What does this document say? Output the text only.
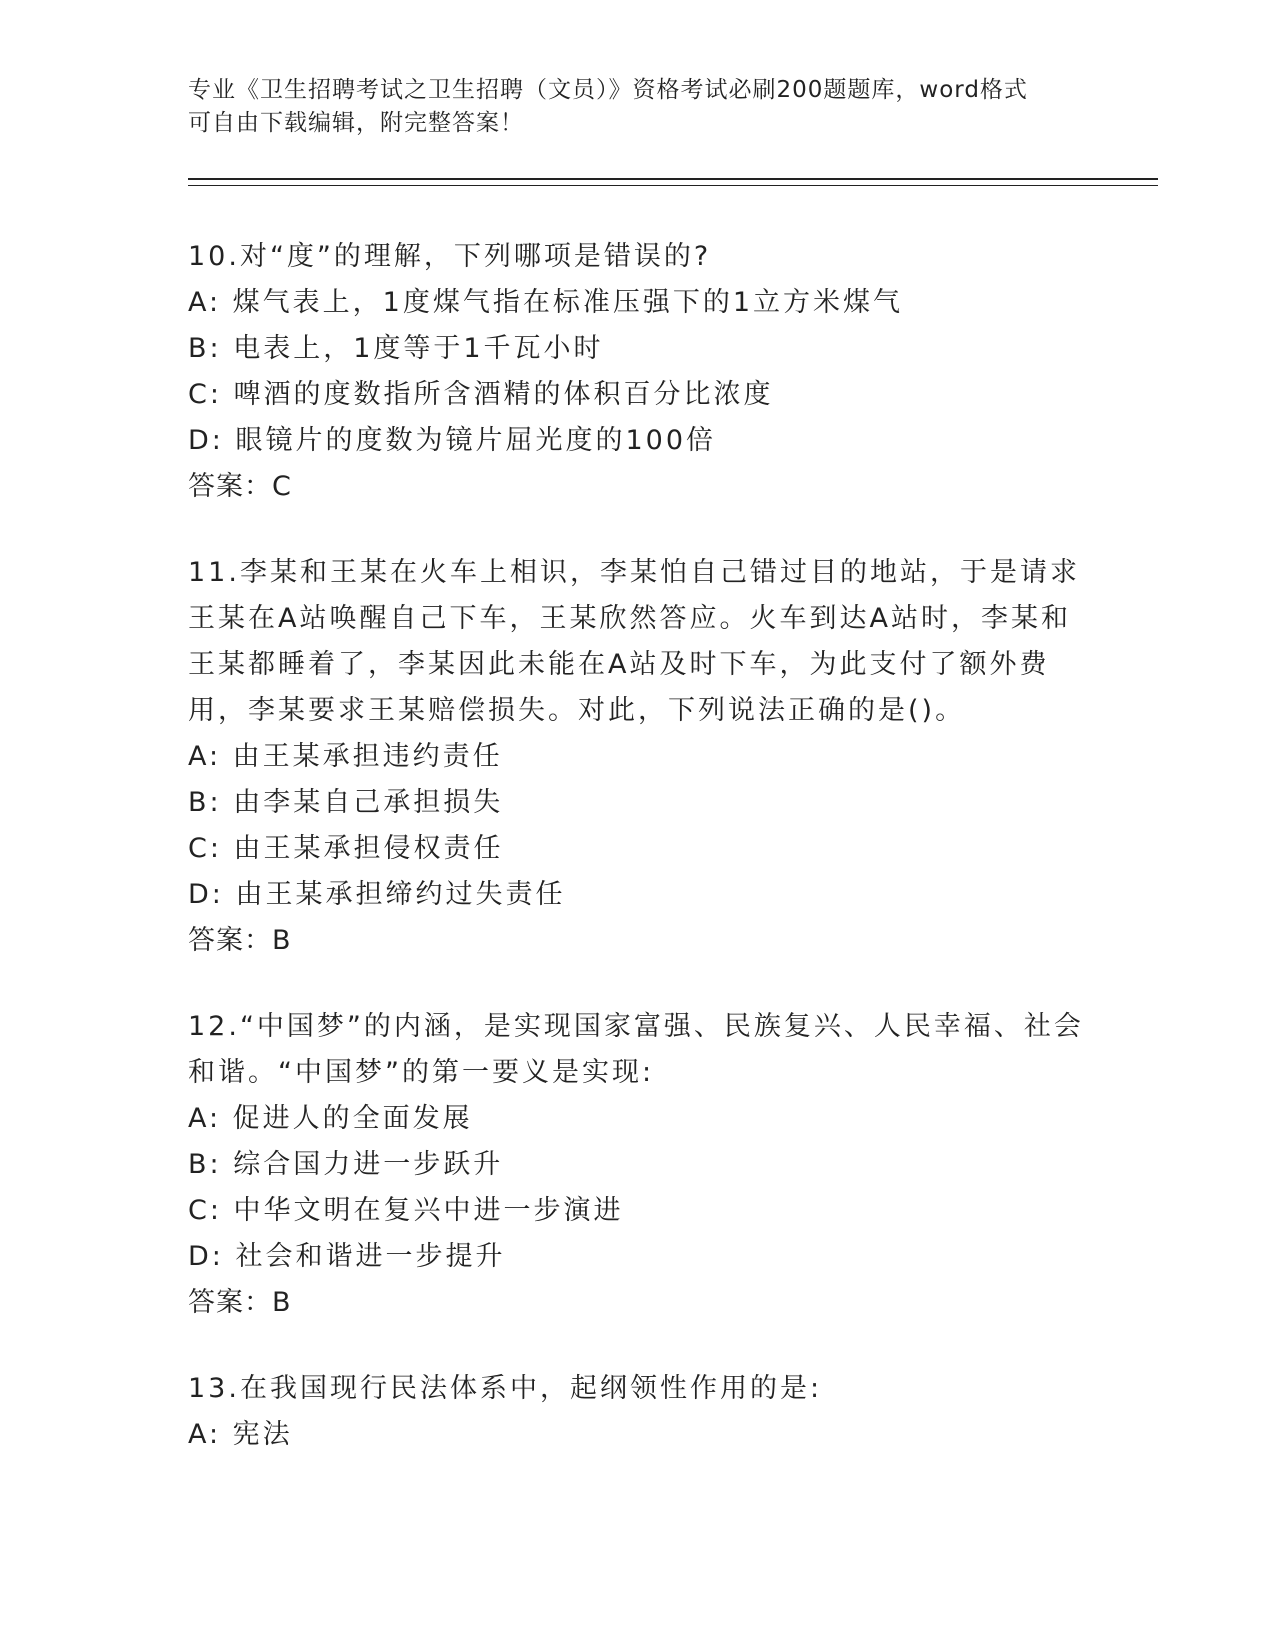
专业《卫生招聘考试之卫生招聘（文员）》资格考试必刷200题题库，word格式
可自由下载编辑，附完整答案！
10.对“度”的理解，下列哪项是错误的?
A: 煤气表上，1度煤气指在标准压强下的1立方米煤气
B: 电表上，1度等于1千瓦小时
C: 啤酒的度数指所含酒精的体积百分比浓度
D: 眼镜片的度数为镜片屈光度的100倍
答案：C
11.李某和王某在火车上相识，李某怕自己错过目的地站，于是请求王某在A站唤醒自己下车，王某欣然答应。火车到达A站时，李某和王某都睡着了，李某因此未能在A站及时下车，为此支付了额外费用，李某要求王某赔偿损失。对此，下列说法正确的是()。
A: 由王某承担违约责任
B: 由李某自己承担损失
C: 由王某承担侵权责任
D: 由王某承担缔约过失责任
答案：B
12.“中国梦”的内涵，是实现国家富强、民族复兴、人民幸福、社会和谐。“中国梦”的第一要义是实现:
A: 促进人的全面发展
B: 综合国力进一步跃升
C: 中华文明在复兴中进一步演进
D: 社会和谐进一步提升
答案：B
13.在我国现行民法体系中，起纲领性作用的是:
A: 宪法
